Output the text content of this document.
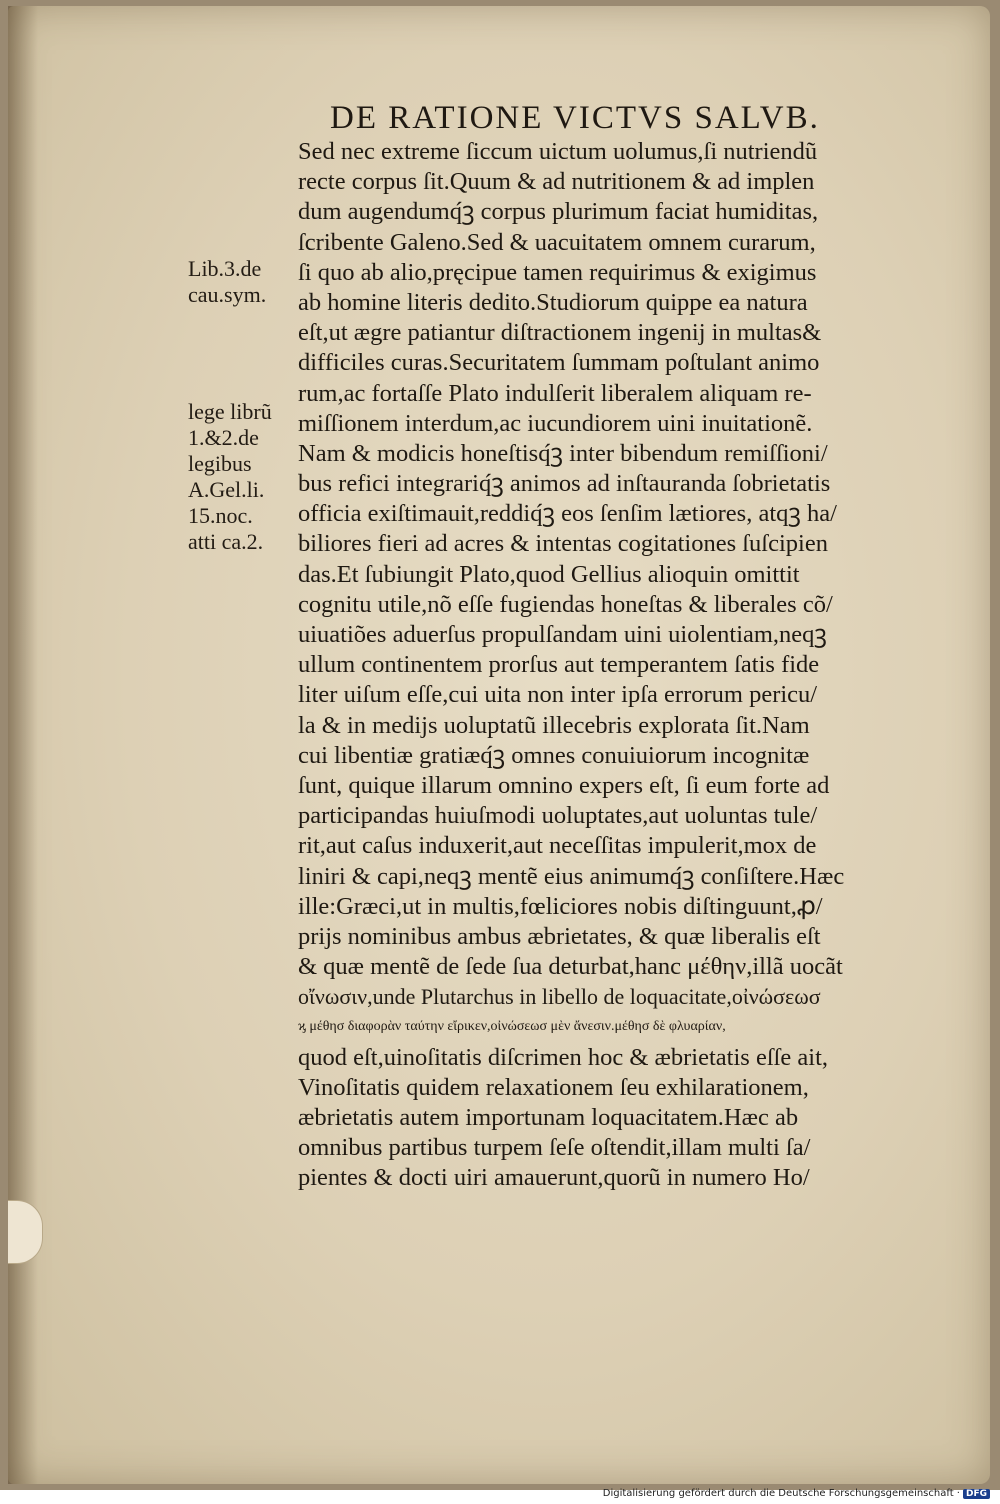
DE RATIONE VICTVS SALVB.
Lib.3.de
cau.sym.
lege librũ
1.&2.de
legibus
A.Gel.li.
15.noc.
atti ca.2.
Sed nec extreme ſiccum uictum uolumus,ſi nutriendũ
recte corpus ſit.Quum & ad nutritionem & ad implen
dum augendumq́ꝫ corpus plurimum faciat humiditas,
ſcribente Galeno.Sed & uacuitatem omnem curarum,
ſi quo ab alio,pręcipue tamen requirimus & exigimus
ab homine literis dedito.Studiorum quippe ea natura
eſt,ut ægre patiantur diſtractionem ingenij in multas&
difficiles curas.Securitatem ſummam poſtulant animo
rum,ac fortaſſe Plato indulſerit liberalem aliquam re-
miſſionem interdum,ac iucundiorem uini inuitationẽ.
Nam & modicis honeſtisq́ꝫ inter bibendum remiſſioni/
bus refici integrariq́ꝫ animos ad inſtauranda ſobrietatis
officia exiſtimauit,reddiq́ꝫ eos ſenſim lætiores, atqꝫ ha/
biliores fieri ad acres & intentas cogitationes ſuſcipien
das.Et ſubiungit Plato,quod Gellius alioquin omittit
cognitu utile,nõ eſſe fugiendas honeſtas & liberales cõ/
uiuatiões aduerſus propulſandam uini uiolentiam,neqꝫ
ullum continentem prorſus aut temperantem ſatis fide
liter uiſum eſſe,cui uita non inter ipſa errorum pericu/
la & in medijs uoluptatũ illecebris explorata ſit.Nam
cui libentiæ gratiæq́ꝫ omnes conuiuiorum incognitæ
ſunt, quique illarum omnino expers eſt, ſi eum forte ad
participandas huiuſmodi uoluptates,aut uoluntas tule/
rit,aut caſus induxerit,aut neceſſitas impulerit,mox de
liniri & capi,neqꝫ mentẽ eius animumq́ꝫ conſiſtere.Hæc
ille:Græci,ut in multis,fœliciores nobis diſtinguunt,ꝓ/
prijs nominibus ambus æbrietates, & quæ liberalis eſt
& quæ mentẽ de ſede ſua deturbat,hanc μέθην,illã uocãt
οἴνωσιν,unde Plutarchus in libello de loquacitate,οἰνώσεωσ
ϗ μέθησ διαφορὰν ταύτην εἴρικεν,οἰνώσεωσ μὲν ἄνεσιν.μέθησ δὲ φλυαρίαν,
quod eſt,uinoſitatis diſcrimen hoc & æbrietatis eſſe ait,
Vinoſitatis quidem relaxationem ſeu exhilarationem,
æbrietatis autem importunam loquacitatem.Hæc ab
omnibus partibus turpem ſeſe oſtendit,illam multi ſa/
pientes & docti uiri amauerunt,quorũ in numero Ho/
Digitalisierung gefördert durch die Deutsche Forschungsgemeinschaft · DFG
